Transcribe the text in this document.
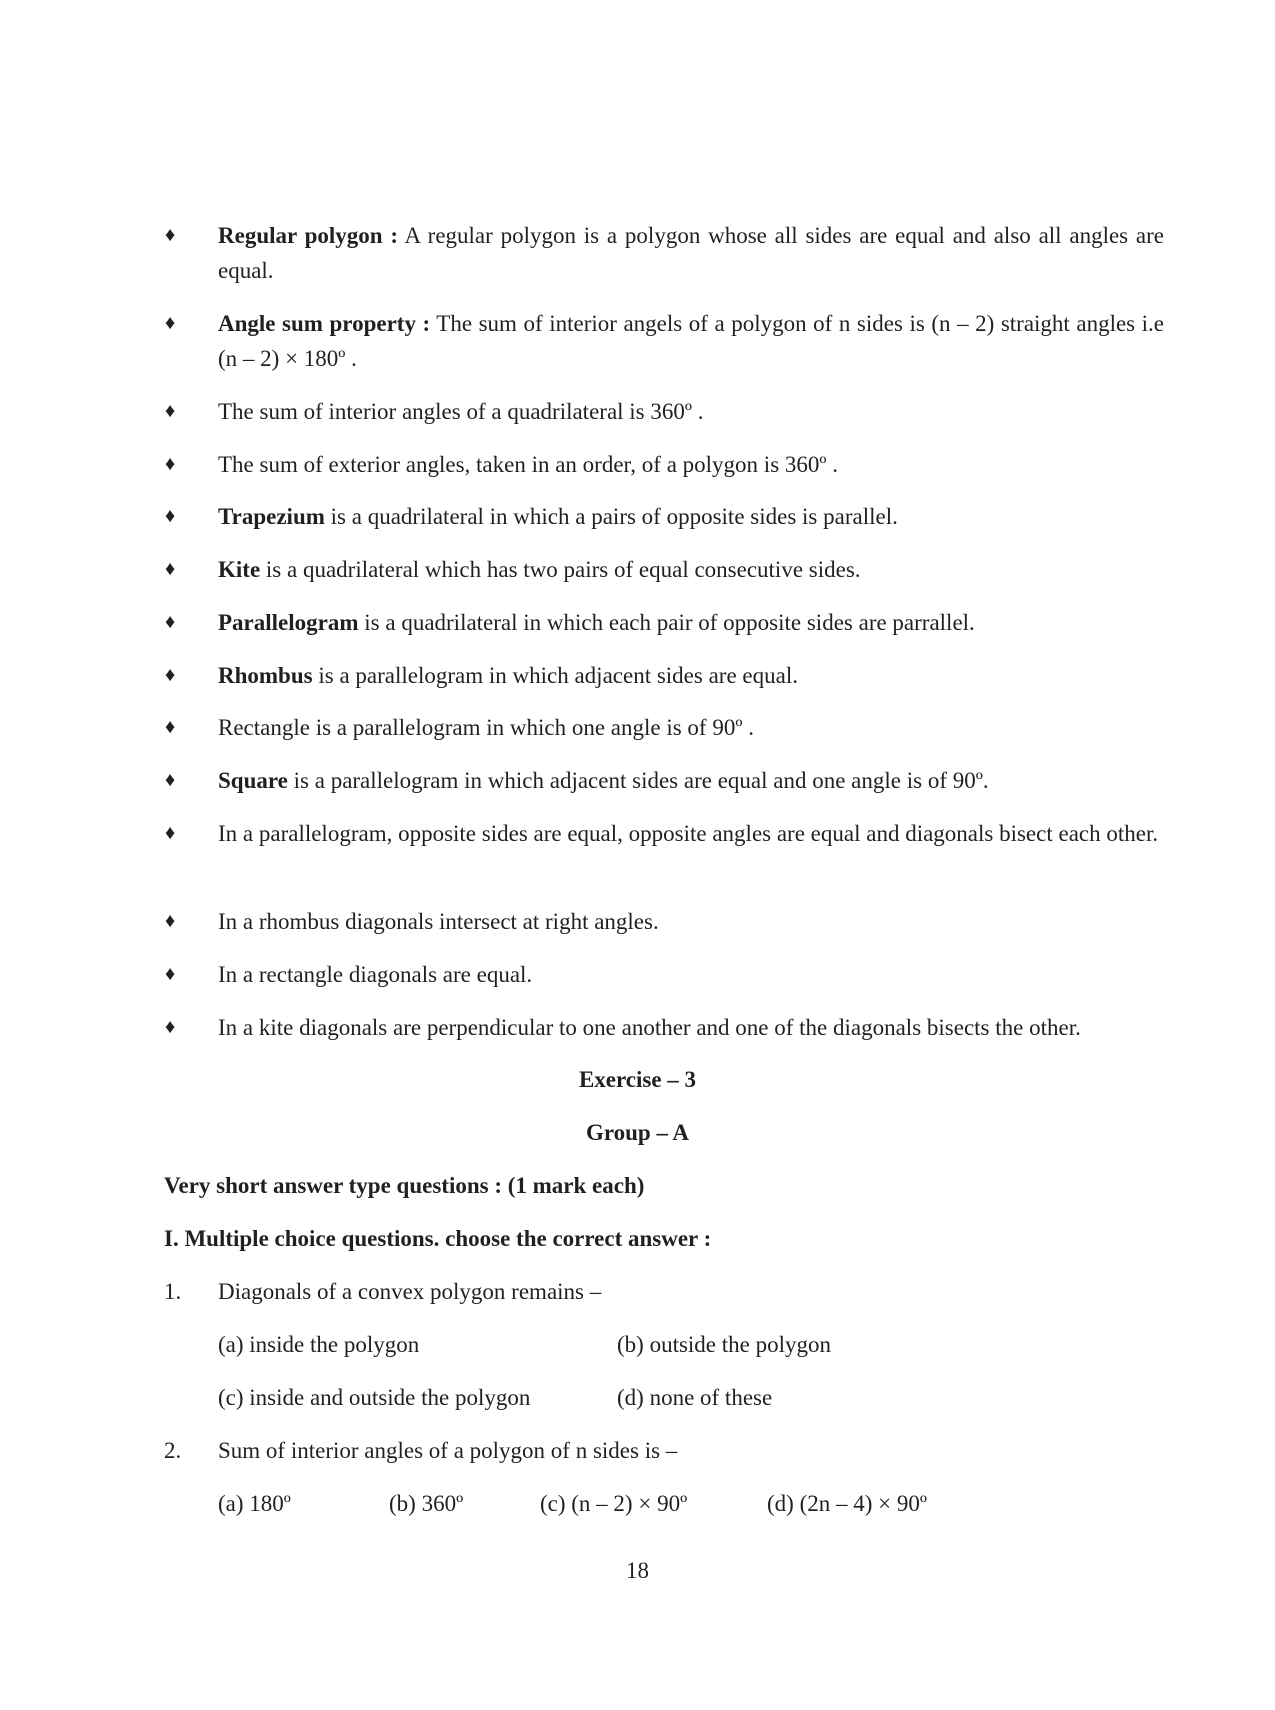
♦	Regular polygon : A regular polygon is a polygon whose all sides are equal and also all angles are equal.
♦	Angle sum property : The sum of interior angels of a polygon of n sides is (n – 2) straight angles i.e (n – 2) × 180º .
♦	The sum of interior angles of a quadrilateral is 360º .
♦	The sum of exterior angles, taken in an order, of a polygon is 360º .
♦	Trapezium is a quadrilateral in which a pairs of opposite sides is parallel.
♦	Kite is a quadrilateral which has two pairs of equal consecutive sides.
♦	Parallelogram is a quadrilateral in which each pair of opposite sides are parrallel.
♦	Rhombus is a parallelogram in which adjacent sides are equal.
♦	Rectangle is a parallelogram in which one angle is of 90º .
♦	Square is a parallelogram in which adjacent sides are equal and one angle is of 90º.
♦	In a parallelogram, opposite sides are equal, opposite angles are equal and diagonals bisect each other.
♦	In a rhombus diagonals intersect at right angles.
♦	In a rectangle diagonals are equal.
♦	In a kite diagonals are perpendicular to one another and one of the diagonals bisects the other.
Exercise – 3
Group – A
Very short answer type questions : (1 mark each)
I. Multiple choice questions. choose the correct answer :
1. Diagonals of a convex polygon remains –
(a) inside the polygon	(b) outside the polygon
(c) inside and outside the polygon	(d) none of these
2. Sum of interior angles of a polygon of n sides is –
(a) 180º	(b) 360º	(c) (n – 2) × 90º	(d) (2n – 4) × 90º
18
